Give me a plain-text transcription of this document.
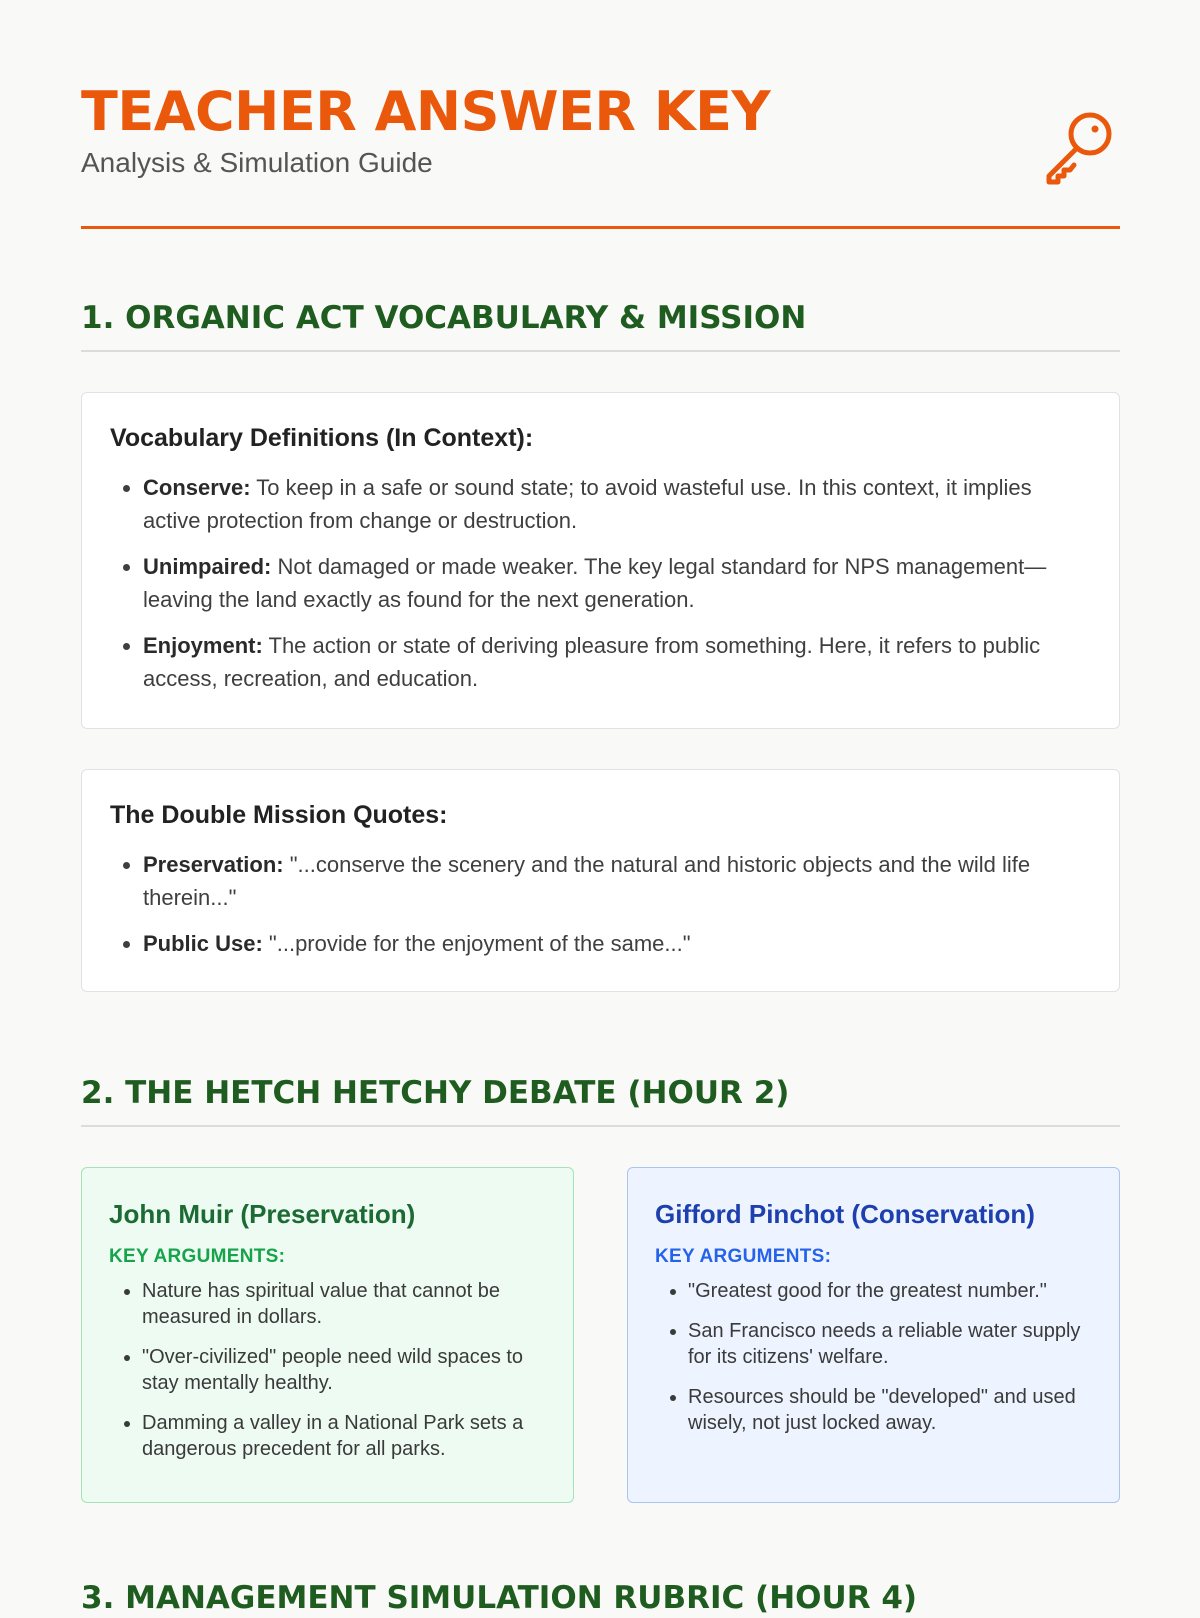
TEACHER ANSWER KEY

Analysis & Simulation Guide

1. ORGANIC ACT VOCABULARY & MISSION
Vocabulary Definitions (In Context):
• Conserve: To keep in a safe or sound state; to avoid wasteful use. In this context, it implies active protection from change or destruction.
• Unimpaired: Not damaged or made weaker. The key legal standard for NPS management—leaving the land exactly as found for the next generation.
• Enjoyment: The action or state of deriving pleasure from something. Here, it refers to public access, recreation, and education.
The Double Mission Quotes:
• Preservation: "...conserve the scenery and the natural and historic objects and the wild life therein..."
• Public Use: "...provide for the enjoyment of the same..."
2. THE HETCH HETCHY DEBATE (HOUR 2)
John Muir (Preservation)
KEY ARGUMENTS:
• Nature has spiritual value that cannot be measured in dollars.
• "Over-civilized" people need wild spaces to stay mentally healthy.
• Damming a valley in a National Park sets a dangerous precedent for all parks.
Gifford Pinchot (Conservation)
KEY ARGUMENTS:
• "Greatest good for the greatest number."
• San Francisco needs a reliable water supply for its citizens' welfare.
• Resources should be "developed" and used wisely, not just locked away.
3. MANAGEMENT SIMULATION RUBRIC (HOUR 4)
